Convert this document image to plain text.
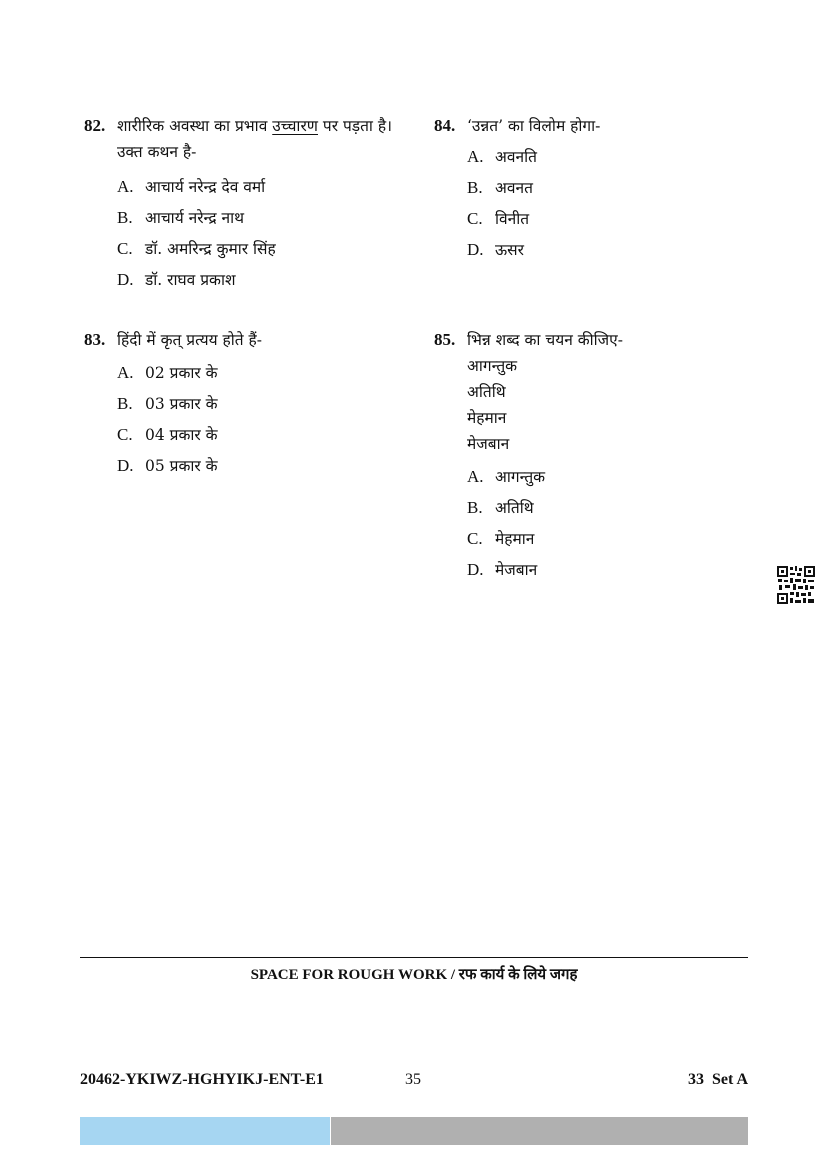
82. शारीरिक अवस्था का प्रभाव उच्चारण पर पड़ता है।
उक्त कथन है-
A. आचार्य नरेन्द्र देव वर्मा
B. आचार्य नरेन्द्र नाथ
C. डॉ. अमरिन्द्र कुमार सिंह
D. डॉ. राघव प्रकाश
83. हिंदी में कृत् प्रत्यय होते हैं-
A. 02 प्रकार के
B. 03 प्रकार के
C. 04 प्रकार के
D. 05 प्रकार के
84. ‘उन्नत’ का विलोम होगा-
A. अवनति
B. अवनत
C. विनीत
D. ऊसर
85. भिन्न शब्द का चयन कीजिए-
आगन्तुक
अतिथि
मेहमान
मेजबान
A. आगन्तुक
B. अतिथि
C. मेहमान
D. मेजबान
SPACE FOR ROUGH WORK / रफ कार्य के लिये जगह
20462-YKIWZ-HGHYIKJ-ENT-E1	35	33 Set A
